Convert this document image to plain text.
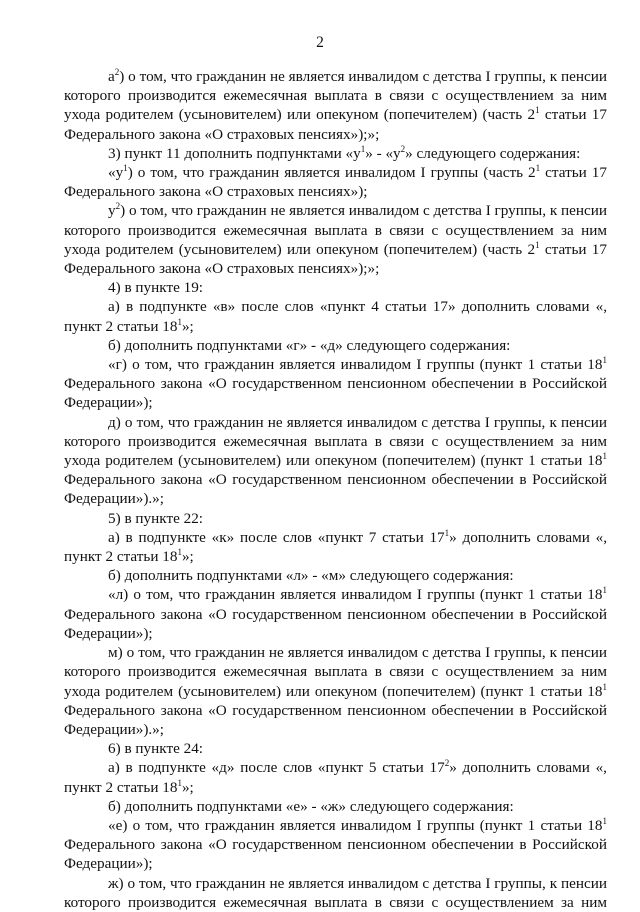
2

$а^2$) о том, что гражданин не является инвалидом с детства I группы, к пенсии которого производится ежемесячная выплата в связи с осуществлением за ним ухода родителем (усыновителем) или опекуном (попечителем) (часть $2^1$ статьи 17 Федерального закона «О страховых пенсиях»);»;

3) пункт 11 дополнить подпунктами «$у^1$» - «$у^2$» следующего содержания:

«$у^1$) о том, что гражданин является инвалидом I группы (часть $2^1$ статьи 17 Федерального закона «О страховых пенсиях»);

$у^2$) о том, что гражданин не является инвалидом с детства I группы, к пенсии которого производится ежемесячная выплата в связи с осуществлением за ним ухода родителем (усыновителем) или опекуном (попечителем) (часть $2^1$ статьи 17 Федерального закона «О страховых пенсиях»);»;

4) в пункте 19:

а) в подпункте «в» после слов «пункт 4 статьи 17» дополнить словами «, пункт 2 статьи $18^1$»;

б) дополнить подпунктами «г» - «д» следующего содержания:

«г) о том, что гражданин является инвалидом I группы (пункт 1 статьи $18^1$ Федерального закона «О государственном пенсионном обеспечении в Российской Федерации»);

д) о том, что гражданин не является инвалидом с детства I группы, к пенсии которого производится ежемесячная выплата в связи с осуществлением за ним ухода родителем (усыновителем) или опекуном (попечителем) (пункт 1 статьи $18^1$ Федерального закона «О государственном пенсионном обеспечении в Российской Федерации»).»;

5) в пункте 22:

а) в подпункте «к» после слов «пункт 7 статьи $17^1$» дополнить словами «, пункт 2 статьи $18^1$»;

б) дополнить подпунктами «л» - «м» следующего содержания:

«л) о том, что гражданин является инвалидом I группы (пункт 1 статьи $18^1$ Федерального закона «О государственном пенсионном обеспечении в Российской Федерации»);

м) о том, что гражданин не является инвалидом с детства I группы, к пенсии которого производится ежемесячная выплата в связи с осуществлением за ним ухода родителем (усыновителем) или опекуном (попечителем) (пункт 1 статьи $18^1$ Федерального закона «О государственном пенсионном обеспечении в Российской Федерации»).»;

6) в пункте 24:

а) в подпункте «д» после слов «пункт 5 статьи $17^2$» дополнить словами «, пункт 2 статьи $18^1$»;

б) дополнить подпунктами «е» - «ж» следующего содержания:

«е) о том, что гражданин является инвалидом I группы (пункт 1 статьи $18^1$ Федерального закона «О государственном пенсионном обеспечении в Российской Федерации»);

ж) о том, что гражданин не является инвалидом с детства I группы, к пенсии которого производится ежемесячная выплата в связи с осуществлением за ним
